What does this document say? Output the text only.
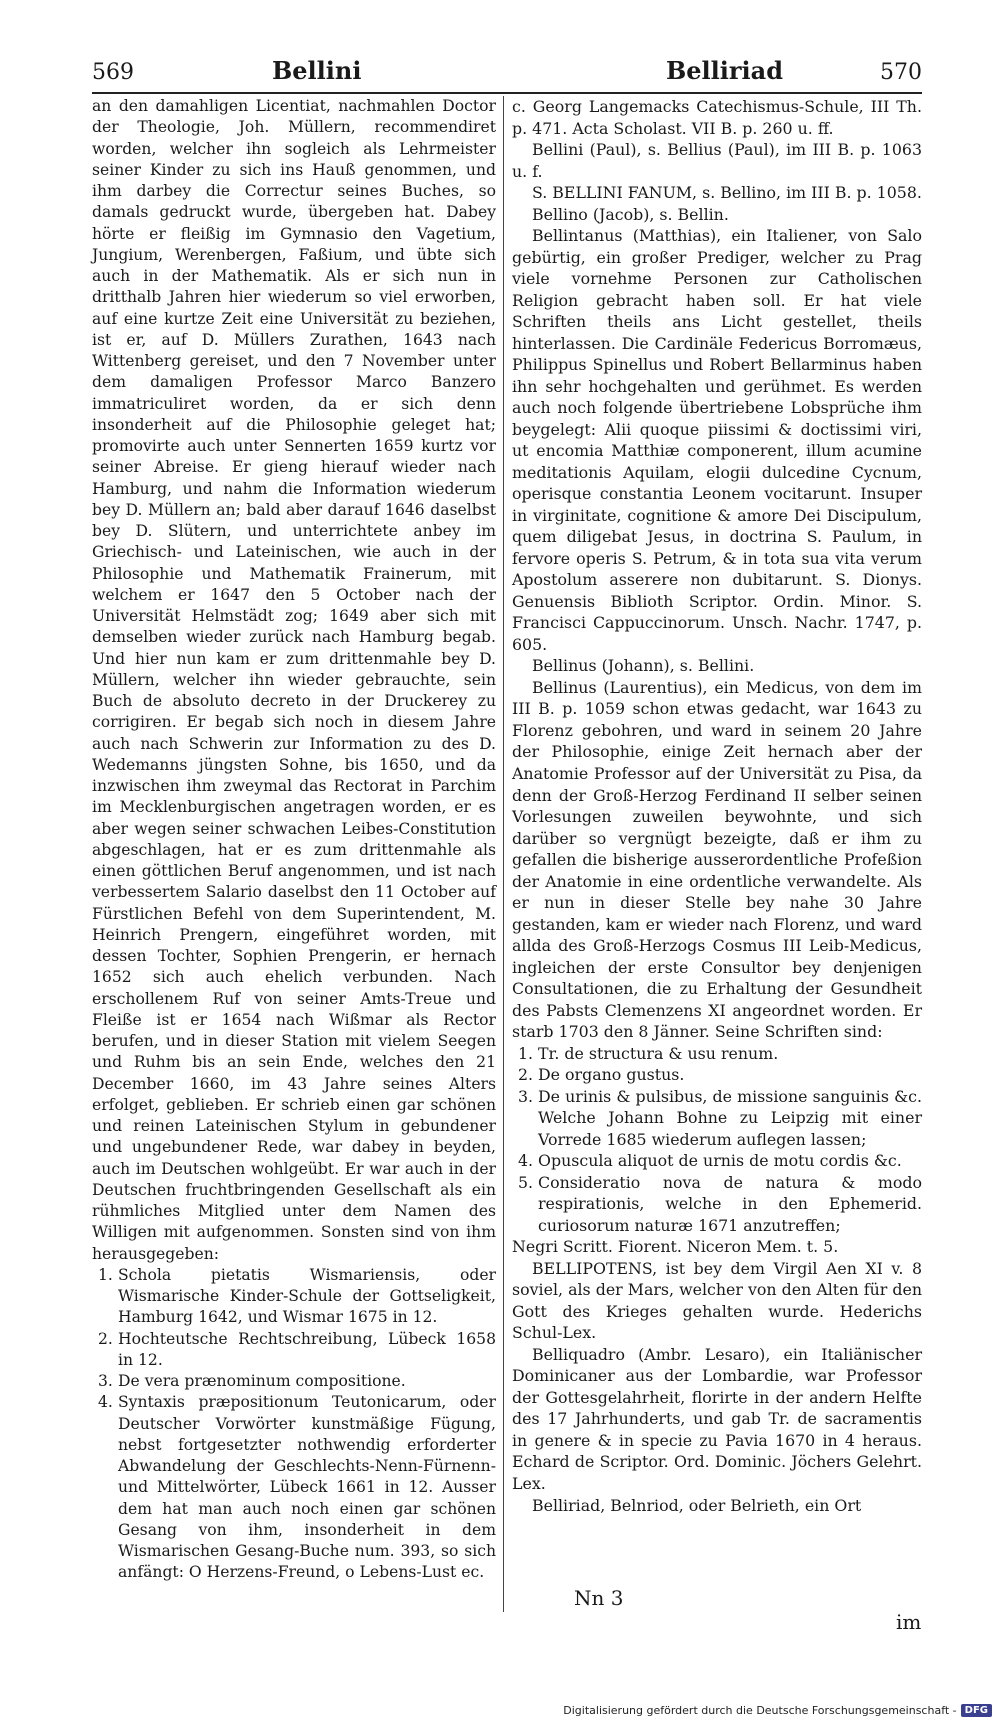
569	Bellini	Belliriad	570

an den damahligen Licentiat, nachmahlen Doctor der Theologie, Joh. Müllern, recommendiret worden, welcher ihn sogleich als Lehrmeister seiner Kinder zu sich ins Hauß genommen, und ihm darbey die Correctur seines Buches, so damals gedruckt wurde, übergeben hat. Dabey hörte er fleißig im Gymnasio den Vagetium, Jungium, Werenbergen, Faßium, und übte sich auch in der Mathematik. Als er sich nun in dritthalb Jahren hier wiederum so viel erworben, auf eine kurtze Zeit eine Universität zu beziehen, ist er, auf D. Müllers Zurathen, 1643 nach Wittenberg gereiset, und den 7 November unter dem damaligen Professor Marco Banzero immatriculiret worden, da er sich denn insonderheit auf die Philosophie geleget hat; promovirte auch unter Sennerten 1659 kurtz vor seiner Abreise. Er gieng hierauf wieder nach Hamburg, und nahm die Information wiederum bey D. Müllern an; bald aber darauf 1646 daselbst bey D. Slütern, und unterrichtete anbey im Griechisch- und Lateinischen, wie auch in der Philosophie und Mathematik Frainerum, mit welchem er 1647 den 5 October nach der Universität Helmstädt zog; 1649 aber sich mit demselben wieder zurück nach Hamburg begab. Und hier nun kam er zum drittenmahle bey D. Müllern, welcher ihn wieder gebrauchte, sein Buch de absoluto decreto in der Druckerey zu corrigiren. Er begab sich noch in diesem Jahre auch nach Schwerin zur Information zu des D. Wedemanns jüngsten Sohne, bis 1650, und da inzwischen ihm zweymal das Rectorat in Parchim im Mecklenburgischen angetragen worden, er es aber wegen seiner schwachen Leibes-Constitution abgeschlagen, hat er es zum drittenmahle als einen göttlichen Beruf angenommen, und ist nach verbessertem Salario daselbst den 11 October auf Fürstlichen Befehl von dem Superintendent, M. Heinrich Prengern, eingeführet worden, mit dessen Tochter, Sophien Prengerin, er hernach 1652 sich auch ehelich verbunden. Nach erschollenem Ruf von seiner Amts-Treue und Fleiße ist er 1654 nach Wißmar als Rector berufen, und in dieser Station mit vielem Seegen und Ruhm bis an sein Ende, welches den 21 December 1660, im 43 Jahre seines Alters erfolget, geblieben. Er schrieb einen gar schönen und reinen Lateinischen Stylum in gebundener und ungebundener Rede, war dabey in beyden, auch im Deutschen wohlgeübt. Er war auch in der Deutschen fruchtbringenden Gesellschaft als ein rühmliches Mitglied unter dem Namen des Willigen mit aufgenommen. Sonsten sind von ihm herausgegeben:

1. Schola pietatis Wismariensis, oder Wismarische Kinder-Schule der Gottseligkeit, Hamburg 1642, und Wismar 1675 in 12.

2. Hochteutsche Rechtschreibung, Lübeck 1658 in 12.

3. De vera prænominum compositione.

4. Syntaxis præpositionum Teutonicarum, oder Deutscher Vorwörter kunstmäßige Fügung, nebst fortgesetzter nothwendig erforderter Abwandelung der Geschlechts-Nenn-Fürnenn- und Mittelwörter, Lübeck 1661 in 12. Ausser dem hat man auch noch einen gar schönen Gesang von ihm, insonderheit in dem Wismarischen Gesang-Buche num. 393, so sich anfängt: O Herzens-Freund, o Lebens-Lust ec.

c. Georg Langemacks Catechismus-Schule, III Th. p. 471. Acta Scholast. VII B. p. 260 u. ff.

Bellini (Paul), s. Bellius (Paul), im III B. p. 1063 u. f.

S. BELLINI FANUM, s. Bellino, im III B. p. 1058.

Bellino (Jacob), s. Bellin.

Bellintanus (Matthias), ein Italiener, von Salo gebürtig, ein großer Prediger, welcher zu Prag viele vornehme Personen zur Catholischen Religion gebracht haben soll. Er hat viele Schriften theils ans Licht gestellet, theils hinterlassen. Die Cardinäle Federicus Borromæus, Philippus Spinellus und Robert Bellarminus haben ihn sehr hochgehalten und gerühmet. Es werden auch noch folgende übertriebene Lobsprüche ihm beygelegt: Alii quoque piissimi & doctissimi viri, ut encomia Matthiæ componerent, illum acumine meditationis Aquilam, elogii dulcedine Cycnum, operisque constantia Leonem vocitarunt. Insuper in virginitate, cognitione & amore Dei Discipulum, quem diligebat Jesus, in doctrina S. Paulum, in fervore operis S. Petrum, & in tota sua vita verum Apostolum asserere non dubitarunt. S. Dionys. Genuensis Biblioth Scriptor. Ordin. Minor. S. Francisci Cappuccinorum. Unsch. Nachr. 1747, p. 605.

Bellinus (Johann), s. Bellini.

Bellinus (Laurentius), ein Medicus, von dem im III B. p. 1059 schon etwas gedacht, war 1643 zu Florenz gebohren, und ward in seinem 20 Jahre der Philosophie, einige Zeit hernach aber der Anatomie Professor auf der Universität zu Pisa, da denn der Groß-Herzog Ferdinand II selber seinen Vorlesungen zuweilen beywohnte, und sich darüber so vergnügt bezeigte, daß er ihm zu gefallen die bisherige ausserordentliche Profeßion der Anatomie in eine ordentliche verwandelte. Als er nun in dieser Stelle bey nahe 30 Jahre gestanden, kam er wieder nach Florenz, und ward allda des Groß-Herzogs Cosmus III Leib-Medicus, ingleichen der erste Consultor bey denjenigen Consultationen, die zu Erhaltung der Gesundheit des Pabsts Clemenzens XI angeordnet worden. Er starb 1703 den 8 Jänner. Seine Schriften sind:

1. Tr. de structura & usu renum.

2. De organo gustus.

3. De urinis & pulsibus, de missione sanguinis &c. Welche Johann Bohne zu Leipzig mit einer Vorrede 1685 wiederum auflegen lassen;

4. Opuscula aliquot de urnis de motu cordis &c.

5. Consideratio nova de natura & modo respirationis, welche in den Ephemerid. curiosorum naturæ 1671 anzutreffen;

Negri Scritt. Fiorent. Niceron Mem. t. 5.

BELLIPOTENS, ist bey dem Virgil Aen XI v. 8 soviel, als der Mars, welcher von den Alten für den Gott des Krieges gehalten wurde. Hederichs Schul-Lex.

Belliquadro (Ambr. Lesaro), ein Italiänischer Dominicaner aus der Lombardie, war Professor der Gottesgelahrheit, florirte in der andern Helfte des 17 Jahrhunderts, und gab Tr. de sacramentis in genere & in specie zu Pavia 1670 in 4 heraus. Echard de Scriptor. Ord. Dominic. Jöchers Gelehrt. Lex.

Belliriad, Belnriod, oder Belrieth, ein Ort

Nn 3
im
Digitalisierung gefördert durch die Deutsche Forschungsgemeinschaft - DFG
